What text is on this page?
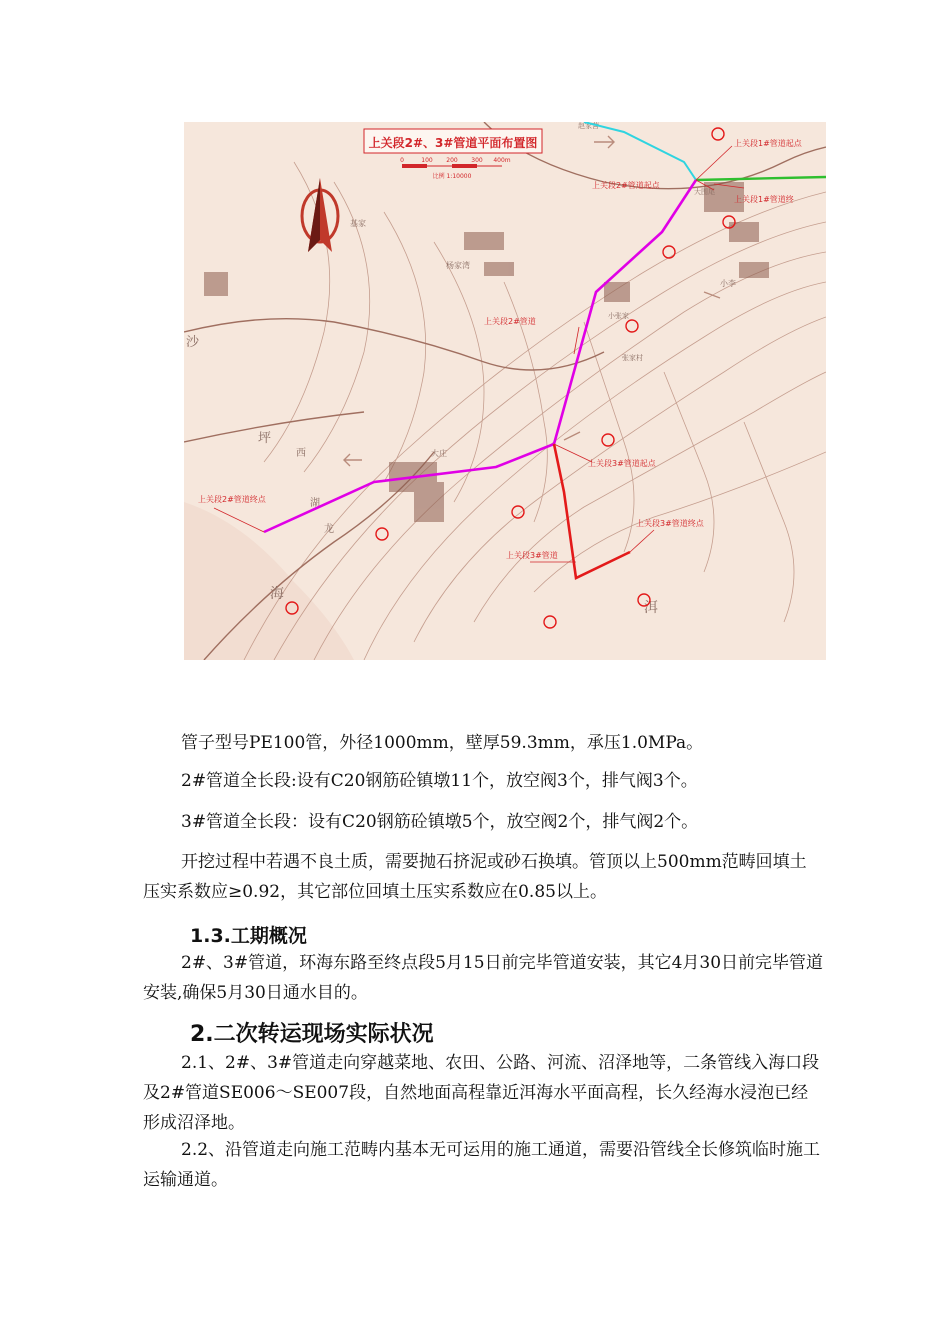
上关段2#、3#管道平面布置图
0	100 200 300 400m
比例 1:10000
沙
坪
海
洱
大庄
西
湖
龙
小李
杨家湾
基家
小张家
张家村
大围尾
赵家营
上关段1#管道起点
上关段2#管道起点
上关段1#管道终
上关段2#管道
上关段3#管道起点
上关段2#管道终点
上关段3#管道终点
上关段3#管道

管子型号PE100管，外径1000mm，壁厚59.3mm，承压1.0MPa。

2#管道全长段:设有C20钢筋砼镇墩11个，放空阀3个，排气阀3个。

3#管道全长段：设有C20钢筋砼镇墩5个，放空阀2个，排气阀2个。

开挖过程中若遇不良土质，需要抛石挤泥或砂石换填。管顶以上500mm范畴回填土压实系数应≥0.92，其它部位回填土压实系数应在0.85以上。

1.3.工期概况

2#、3#管道，环海东路至终点段5月15日前完毕管道安装，其它4月30日前完毕管道安装,确保5月30日通水目的。

2.二次转运现场实际状况

2.1、2#、3#管道走向穿越菜地、农田、公路、河流、沼泽地等，二条管线入海口段及2#管道SE006～SE007段，自然地面高程靠近洱海水平面高程，长久经海水浸泡已经形成沼泽地。

2.2、沿管道走向施工范畴内基本无可运用的施工通道，需要沿管线全长修筑临时施工运输通道。
